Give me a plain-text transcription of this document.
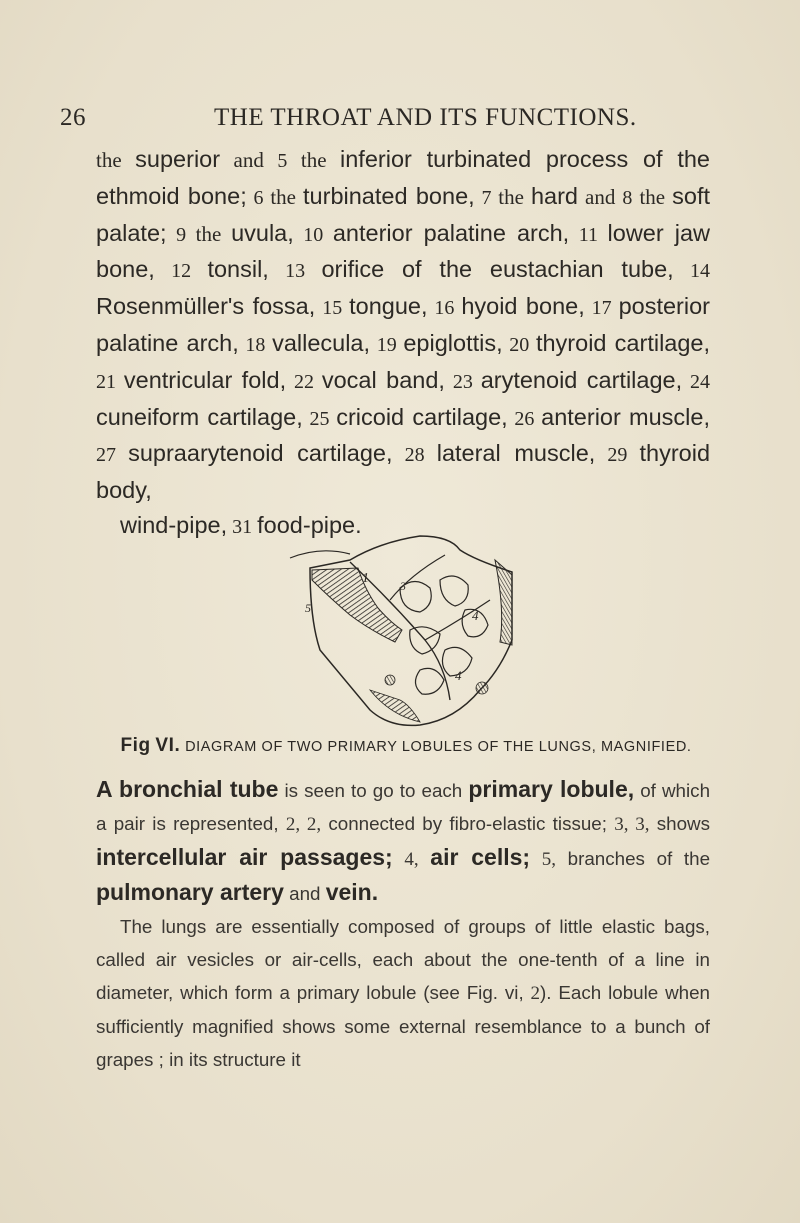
26	THE THROAT AND ITS FUNCTIONS.
the superior and 5 the inferior turbinated process of the ethmoid bone; 6 the turbinated bone, 7 the hard and 8 the soft palate; 9 the uvula, 10 anterior palatine arch, 11 lower jaw bone, 12 tonsil, 13 orifice of the eustachian tube, 14 Rosenmüller's fossa, 15 tongue, 16 hyoid bone, 17 posterior palatine arch, 18 vallecula, 19 epiglottis, 20 thyroid cartilage, 21 ventricular fold, 22 vocal band, 23 arytenoid cartilage, 24 cuneiform cartilage, 25 cricoid cartilage, 26 anterior muscle, 27 supraarytenoid cartilage, 28 lateral muscle, 29 thyroid body,
wind-pipe, 31 food-pipe.
1	3
5	4
4
Fig VI. DIAGRAM OF TWO PRIMARY LOBULES OF THE LUNGS, MAGNIFIED.

A bronchial tube is seen to go to each primary lobule, of which a pair is represented, 2, 2, connected by fibro-elastic tissue; 3, 3, shows intercellular air passages; 4, air cells; 5, branches of the pulmonary artery and vein.

The lungs are essentially composed of groups of little elastic bags, called air vesicles or air-cells, each about the one-tenth of a line in diameter, which form a primary lobule (see Fig. vi, 2). Each lobule when sufficiently magnified shows some external resemblance to a bunch of grapes ; in its structure it
